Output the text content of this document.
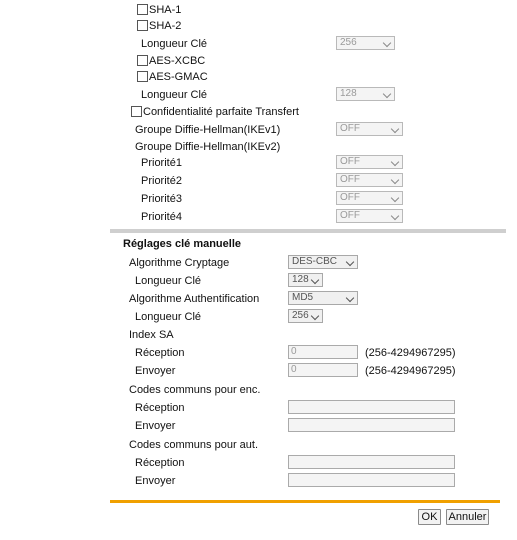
SHA-1
SHA-2
Longueur Clé	256
AES-XCBC
AES-GMAC
Longueur Clé	128
Confidentialité parfaite Transfert
Groupe Diffie-Hellman(IKEv1)	OFF
Groupe Diffie-Hellman(IKEv2)
Priorité1	OFF
Priorité2	OFF
Priorité3	OFF
Priorité4	OFF
Réglages clé manuelle
Algorithme Cryptage	DES-CBC
Longueur Clé	128
Algorithme Authentification	MD5
Longueur Clé	256
Index SA
Réception	0	(256-4294967295)
Envoyer	0	(256-4294967295)
Codes communs pour enc.
Réception
Envoyer
Codes communs pour aut.
Réception
Envoyer
OK	Annuler
